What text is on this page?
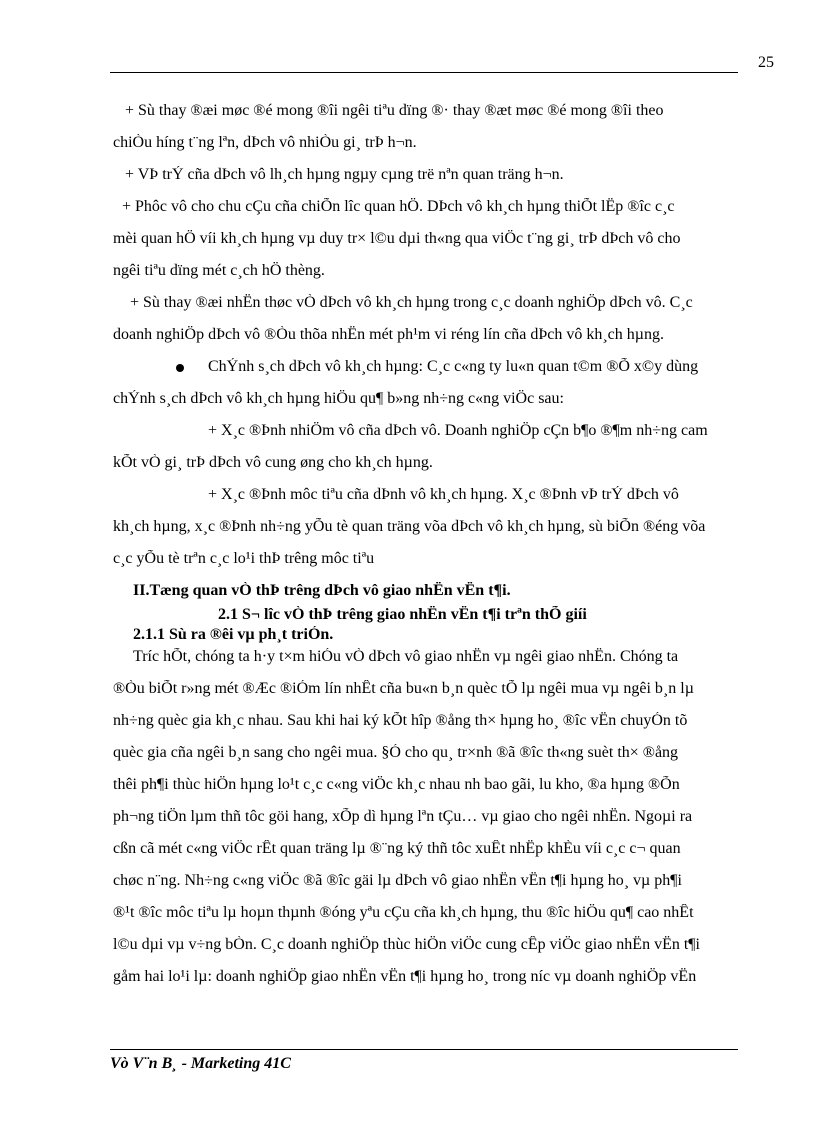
25
+ Sù thay ®æi møc ®é mong ®îi ngêi tiªu dïng ®· thay ®æt møc ®é mong ®îi theo
chiÒu híng t¨ng lªn, dÞch vô nhiÒu gi¸ trÞ h¬n.
+ VÞ trÝ cña dÞch vô lh¸ch hµng ngµy cµng trë nªn quan träng h¬n.
+ Phôc vô cho chu cÇu cña chiÕn lîc quan hÖ. DÞch vô kh¸ch hµng thiÕt lËp ®îc c¸c
mèi quan hÖ víi kh¸ch hµng vµ duy tr× l©u dµi th«ng qua viÖc t¨ng gi¸ trÞ dÞch vô cho
ngêi tiªu dïng mét c¸ch hÖ thèng.
+ Sù thay ®æi nhËn thøc vÒ dÞch vô kh¸ch hµng trong c¸c doanh nghiÖp dÞch vô. C¸c
doanh nghiÖp dÞch vô ®Òu thõa nhËn mét ph¹m vi réng lín cña dÞch vô kh¸ch hµng.
ChÝnh s¸ch dÞch vô kh¸ch hµng: C¸c c«ng ty lu«n quan t©m ®Õ x©y dùng
chÝnh s¸ch dÞch vô kh¸ch hµng hiÖu qu¶ b»ng nh÷ng c«ng viÖc sau:
+ X¸c ®Þnh nhiÖm vô cña dÞch vô. Doanh nghiÖp cÇn b¶o ®¶m nh÷ng cam
kÕt vÒ gi¸ trÞ dÞch vô cung øng cho kh¸ch hµng.
+ X¸c ®Þnh môc tiªu cña dÞnh vô kh¸ch hµng. X¸c ®Þnh vÞ trÝ dÞch vô
kh¸ch hµng, x¸c ®Þnh nh÷ng yÕu tè quan träng võa dÞch vô kh¸ch hµng, sù biÕn ®éng võa
c¸c yÕu tè trªn c¸c lo¹i thÞ trêng môc tiªu
II.Tæng quan vÒ thÞ trêng dÞch vô giao nhËn vËn t¶i.
2.1 S¬ lîc vÒ thÞ trêng giao nhËn vËn t¶i trªn thÕ giíi
2.1.1 Sù ra ®êi vµ ph¸t triÓn.
Tríc hÕt, chóng ta h·y t×m hiÓu vÒ dÞch vô giao nhËn vµ ngêi giao nhËn. Chóng ta
®Òu biÕt r»ng mét ®Æc ®iÓm lín nhÊt cña bu«n b¸n quèc tÕ lµ ngêi mua vµ ngêi b¸n lµ
nh÷ng quèc gia kh¸c nhau. Sau khi hai ký kÕt hîp ®ång th× hµng ho¸ ®îc vËn chuyÓn tõ
quèc gia cña ngêi b¸n sang cho ngêi mua. §Ó cho qu¸ tr×nh ®ã ®îc th«ng suèt th× ®ång
thêi ph¶i thùc hiÖn hµng lo¹t c¸c c«ng viÖc kh¸c nhau nh bao gãi, lu kho, ®a hµng ®Õn
ph¬ng tiÖn lµm thñ tôc göi hang, xÕp dì hµng lªn tÇu… vµ giao cho ngêi nhËn. Ngoµi ra
cßn cã mét c«ng viÖc rÊt quan träng lµ ®¨ng ký thñ tôc xuÊt nhËp khÈu víi c¸c c¬ quan
chøc n¨ng. Nh÷ng c«ng viÖc ®ã ®îc gäi lµ dÞch vô giao nhËn vËn t¶i hµng ho¸ vµ ph¶i
®¹t ®îc môc tiªu lµ hoµn thµnh ®óng yªu cÇu cña kh¸ch hµng, thu ®îc hiÖu qu¶ cao nhÊt
l©u dµi vµ v÷ng bÒn. C¸c doanh nghiÖp thùc hiÖn viÖc cung cÊp viÖc giao nhËn vËn t¶i
gåm hai lo¹i lµ: doanh nghiÖp giao nhËn vËn t¶i hµng ho¸ trong níc vµ doanh nghiÖp vËn
Vò V¨n B¸ - Marketing 41C
